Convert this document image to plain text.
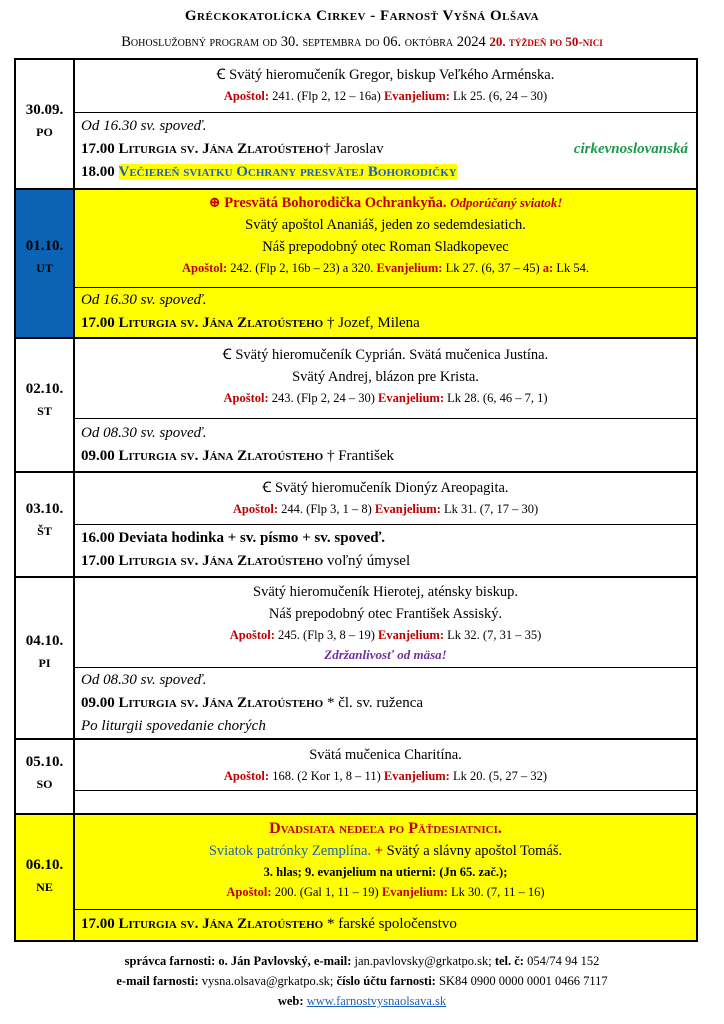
Gréckokatolícka Cirkev - Farnosť Vyšná Olšava
Bohoslužobný program od 30. septembra do 06. októbra 2024 20. týždeň po 50-nici
30.09.
PO
Ꞓ Svätý hieromučeník Gregor, biskup Veľkého Arménska.
Apoštol: 241. (Flp 2, 12 – 16a) Evanjelium: Lk 25. (6, 24 – 30)
Od 16.30 sv. spoveď.
17.00 Liturgia sv. Jána Zlatoústeho† Jaroslav	cirkevnoslovanská
18.00 Večiereň sviatku Ochrany presvätej Bohorodičky
01.10.
UT
⊕ Presvätá Bohorodička Ochrankyňa. Odporúčaný sviatok!
Svätý apoštol Ananiáš, jeden zo sedemdesiatich.
Náš prepodobný otec Roman Sladkopevec
Apoštol: 242. (Flp 2, 16b – 23) a 320. Evanjelium: Lk 27. (6, 37 – 45) a: Lk 54.
Od 16.30 sv. spoveď.
17.00 Liturgia sv. Jána Zlatoústeho † Jozef, Milena
02.10.
ST
Ꞓ Svätý hieromučeník Cyprián. Svätá mučenica Justína.
Svätý Andrej, blázon pre Krista.
Apoštol: 243. (Flp 2, 24 – 30) Evanjelium: Lk 28. (6, 46 – 7, 1)
Od 08.30 sv. spoveď.
09.00 Liturgia sv. Jána Zlatoústeho † František
03.10.
ŠT
Ꞓ Svätý hieromučeník Dionýz Areopagita.
Apoštol: 244. (Flp 3, 1 – 8) Evanjelium: Lk 31. (7, 17 – 30)
16.00 Deviata hodinka + sv. písmo + sv. spoveď.
17.00 Liturgia sv. Jána Zlatoústeho voľný úmysel
04.10.
PI
Svätý hieromučeník Hierotej, aténsky biskup.
Náš prepodobný otec František Assiský.
Apoštol: 245. (Flp 3, 8 – 19) Evanjelium: Lk 32. (7, 31 – 35)
Zdržanlivosť od mäsa!
Od 08.30 sv. spoveď.
09.00 Liturgia sv. Jána Zlatoústeho * čl. sv. ruženca
Po liturgii spovedanie chorých
05.10.
SO
Svätá mučenica Charitína.
Apoštol: 168. (2 Kor 1, 8 – 11) Evanjelium: Lk 20. (5, 27 – 32)
06.10.
NE
Dvadsiata nedeľa po Päťdesiatnici.
Sviatok patrónky Zemplína. + Svätý a slávny apoštol Tomáš.
3. hlas; 9. evanjelium na utierni: (Jn 65. zač.);
Apoštol: 200. (Gal 1, 11 – 19) Evanjelium: Lk 30. (7, 11 – 16)
17.00 Liturgia sv. Jána Zlatoústeho * farské spoločenstvo
správca farnosti: o. Ján Pavlovský, e-mail: jan.pavlovsky@grkatpo.sk; tel. č: 054/74 94 152
e-mail farnosti: vysna.olsava@grkatpo.sk; číslo účtu farnosti: SK84 0900 0000 0001 0466 7117
web: www.farnostvysnaolsava.sk
